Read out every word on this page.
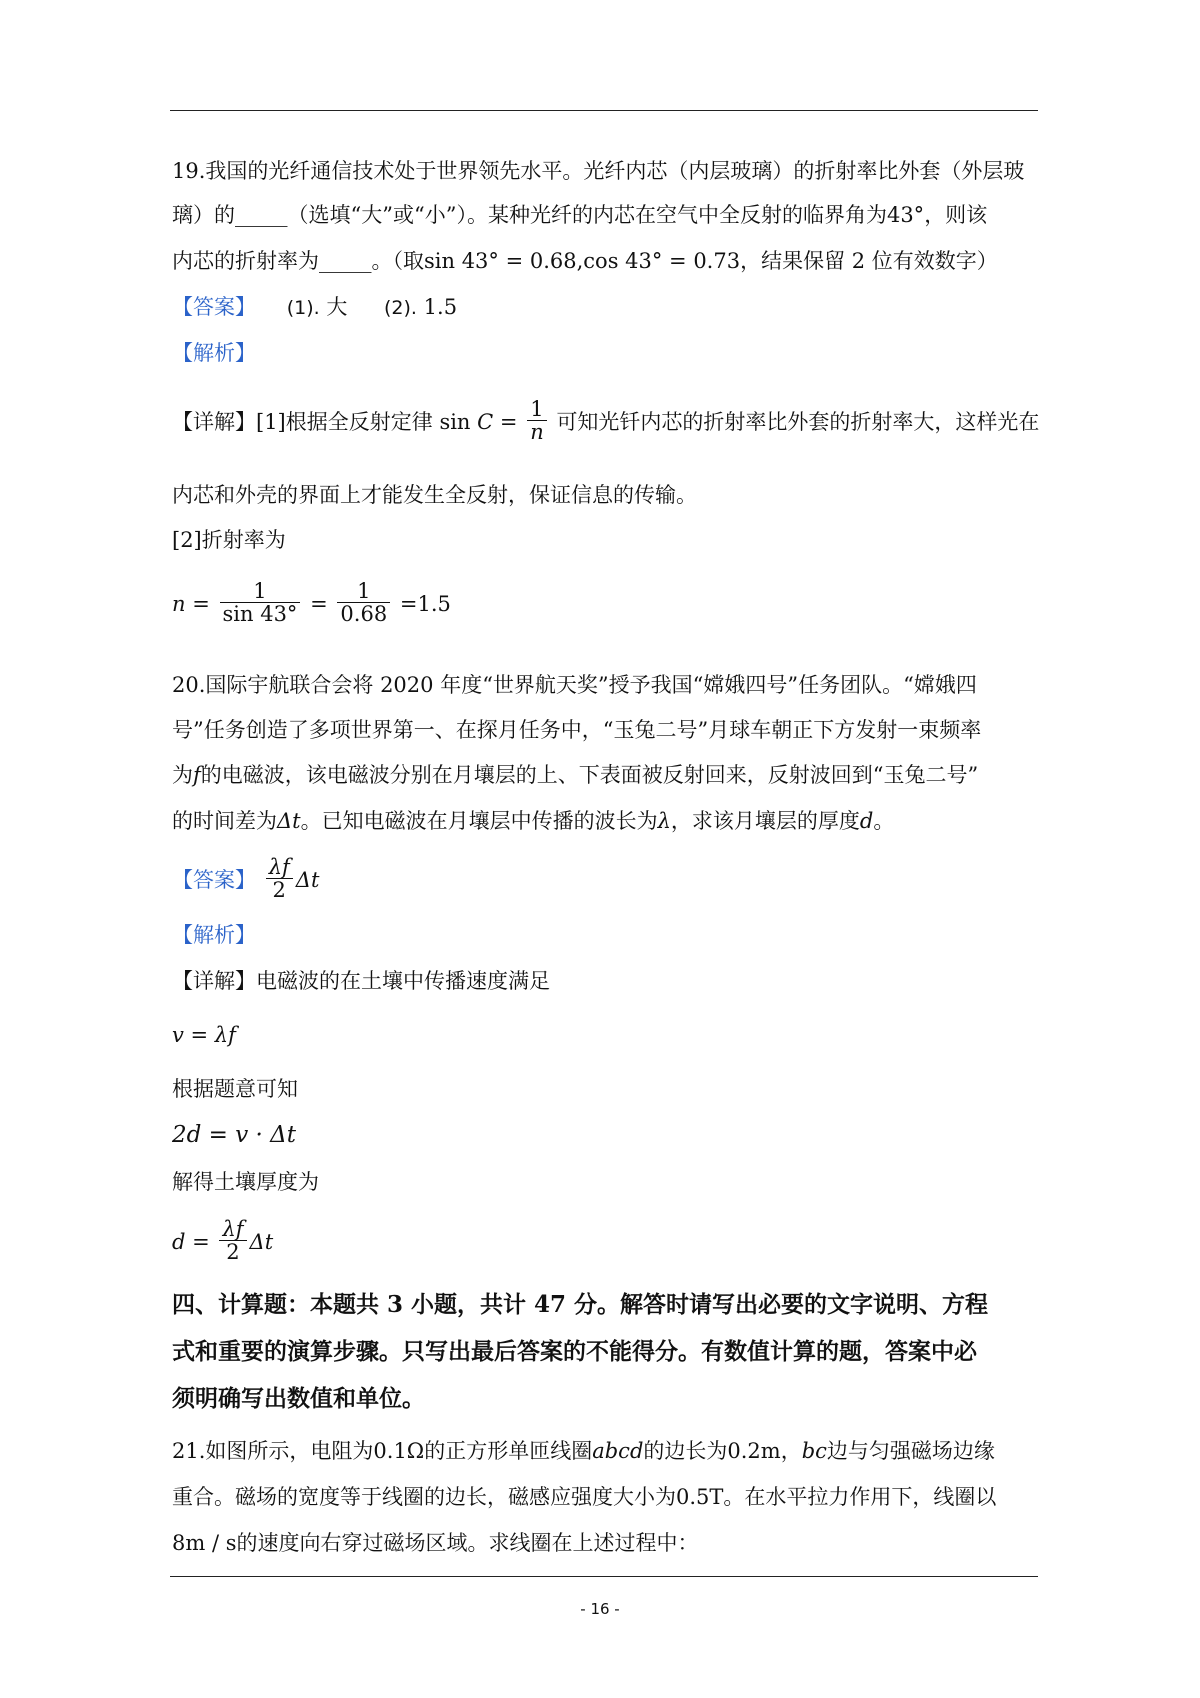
19.我国的光纤通信技术处于世界领先水平。光纤内芯（内层玻璃）的折射率比外套（外层玻
璃）的_____（选填“大”或“小”）。某种光纤的内芯在空气中全反射的临界角为43°，则该
内芯的折射率为_____。（取sin 43° = 0.68,cos 43° = 0.73，结果保留 2 位有效数字）
【答案】 (1). 大 (2). 1.5
【解析】
【详解】[1]根据全反射定律 $\sin C = \frac{1}{n}$ 可知光钎内芯的折射率比外套的折射率大，这样光在
内芯和外壳的界面上才能发生全反射，保证信息的传输。
[2]折射率为
$n = \frac{1}{\sin 43^\circ} = \frac{1}{0.68} =1.5$
20.国际宇航联合会将 2020 年度“世界航天奖”授予我国“嫦娥四号”任务团队。“嫦娥四
号”任务创造了多项世界第一、在探月任务中，“玉兔二号”月球车朝正下方发射一束频率
为f的电磁波，该电磁波分别在月壤层的上、下表面被反射回来，反射波回到“玉兔二号”
的时间差为Δt。已知电磁波在月壤层中传播的波长为λ，求该月壤层的厚度d。
【答案】 $\frac{\lambda f}{2}$ Δt
【解析】
【详解】电磁波的在土壤中传播速度满足
v = λf
根据题意可知
2d = v · Δt
解得土壤厚度为
$d = \frac{\lambda f}{2}$ Δt
四、计算题：本题共 3 小题，共计 47 分。解答时请写出必要的文字说明、方程
式和重要的演算步骤。只写出最后答案的不能得分。有数值计算的题，答案中必
须明确写出数值和单位。
21.如图所示，电阻为0.1Ω的正方形单匝线圈abcd的边长为0.2m，bc边与匀强磁场边缘
重合。磁场的宽度等于线圈的边长，磁感应强度大小为0.5T。在水平拉力作用下，线圈以
8m / s的速度向右穿过磁场区域。求线圈在上述过程中：
- 16 -
